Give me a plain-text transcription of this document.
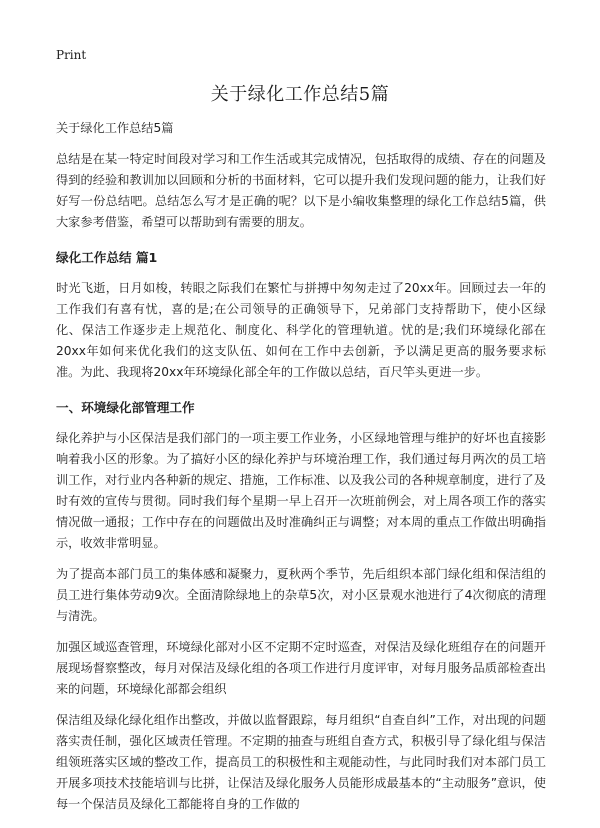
Print
关于绿化工作总结5篇

关于绿化工作总结5篇

总结是在某一特定时间段对学习和工作生活或其完成情况，包括取得的成绩、存在的问题及得到的经验和教训加以回顾和分析的书面材料，它可以提升我们发现问题的能力，让我们好好写一份总结吧。总结怎么写才是正确的呢？以下是小编收集整理的绿化工作总结5篇，供大家参考借鉴，希望可以帮助到有需要的朋友。

绿化工作总结 篇1

时光飞逝，日月如梭，转眼之际我们在繁忙与拼搏中匆匆走过了20xx年。回顾过去一年的工作我们有喜有忧，喜的是;在公司领导的正确领导下，兄弟部门支持帮助下，使小区绿化、保洁工作逐步走上规范化、制度化、科学化的管理轨道。忧的是;我们环境绿化部在20xx年如何来优化我们的这支队伍、如何在工作中去创新，予以满足更高的服务要求标准。为此、我现将20xx年环境绿化部全年的工作做以总结，百尺竿头更进一步。

一、环境绿化部管理工作

绿化养护与小区保洁是我们部门的一项主要工作业务，小区绿地管理与维护的好坏也直接影响着我小区的形象。为了搞好小区的绿化养护与环境治理工作，我们通过每月两次的员工培训工作，对行业内各种新的规定、措施，工作标准、以及我公司的各种规章制度，进行了及时有效的宣传与贯彻。同时我们每个星期一早上召开一次班前例会，对上周各项工作的落实情况做一通报；工作中存在的问题做出及时准确纠正与调整；对本周的重点工作做出明确指示，收效非常明显。

为了提高本部门员工的集体感和凝聚力，夏秋两个季节，先后组织本部门绿化组和保洁组的员工进行集体劳动9次。全面清除绿地上的杂草5次，对小区景观水池进行了4次彻底的清理与清洗。

加强区域巡查管理，环境绿化部对小区不定期不定时巡查，对保洁及绿化班组存在的问题开展现场督察整改，每月对保洁及绿化组的各项工作进行月度评审，对每月服务品质部检查出来的问题，环境绿化部都会组织

保洁组及绿化绿化组作出整改，并做以监督跟踪，每月组织“自查自纠”工作，对出现的问题落实责任制，强化区域责任管理。不定期的抽查与班组自查方式，积极引导了绿化组与保洁组领班落实区域的整改工作，提高员工的积极性和主观能动性，与此同时我们对本部门员工开展多项技术技能培训与比拼，让保洁及绿化服务人员能形成最基本的“主动服务”意识，使每一个保洁员及绿化工都能将自身的工作做的
